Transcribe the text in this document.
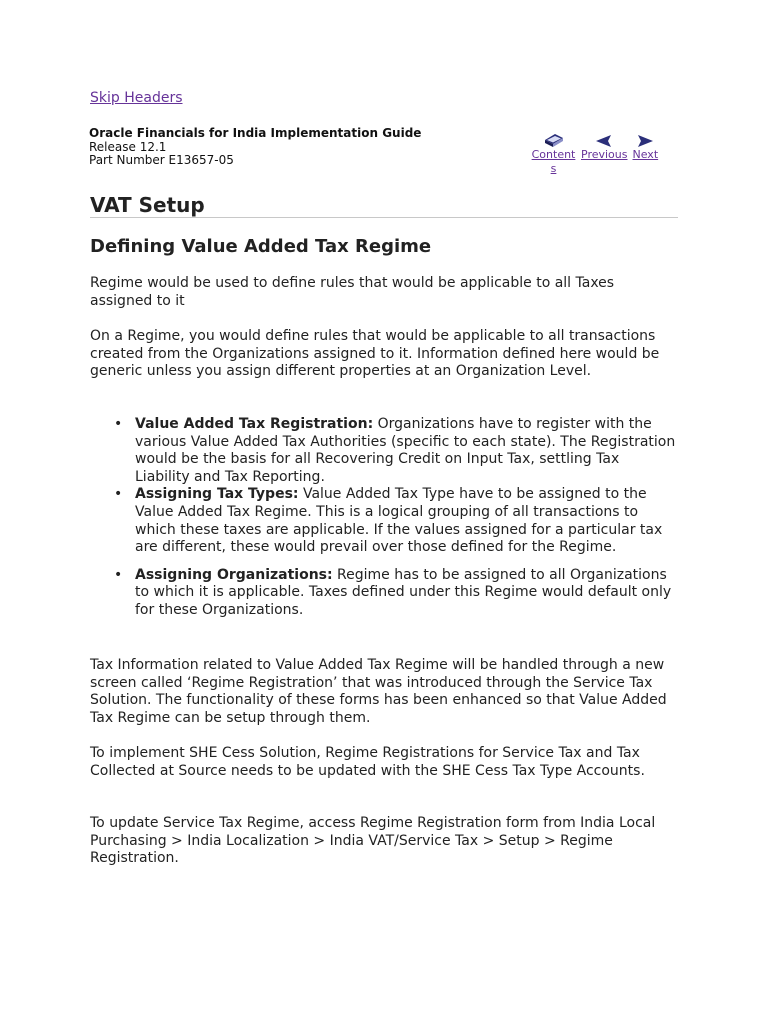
Skip Headers
Oracle Financials for India Implementation Guide
Release 12.1
Part Number E13657-05	Contents
Previous Next
VAT Setup
Defining Value Added Tax Regime

Regime would be used to define rules that would be applicable to all Taxes assigned to it

On a Regime, you would define rules that would be applicable to all transactions created from the Organizations assigned to it. Information defined here would be generic unless you assign different properties at an Organization Level.

• Value Added Tax Registration: Organizations have to register with the various Value Added Tax Authorities (specific to each state). The Registration would be the basis for all Recovering Credit on Input Tax, settling Tax Liability and Tax Reporting.
• Assigning Tax Types: Value Added Tax Type have to be assigned to the Value Added Tax Regime. This is a logical grouping of all transactions to which these taxes are applicable. If the values assigned for a particular tax are different, these would prevail over those defined for the Regime.
• Assigning Organizations: Regime has to be assigned to all Organizations to which it is applicable. Taxes defined under this Regime would default only for these Organizations.

Tax Information related to Value Added Tax Regime will be handled through a new screen called ‘Regime Registration’ that was introduced through the Service Tax Solution. The functionality of these forms has been enhanced so that Value Added Tax Regime can be setup through them.

To implement SHE Cess Solution, Regime Registrations for Service Tax and Tax Collected at Source needs to be updated with the SHE Cess Tax Type Accounts.

To update Service Tax Regime, access Regime Registration form from India Local Purchasing > India Localization > India VAT/Service Tax > Setup > Regime Registration.
